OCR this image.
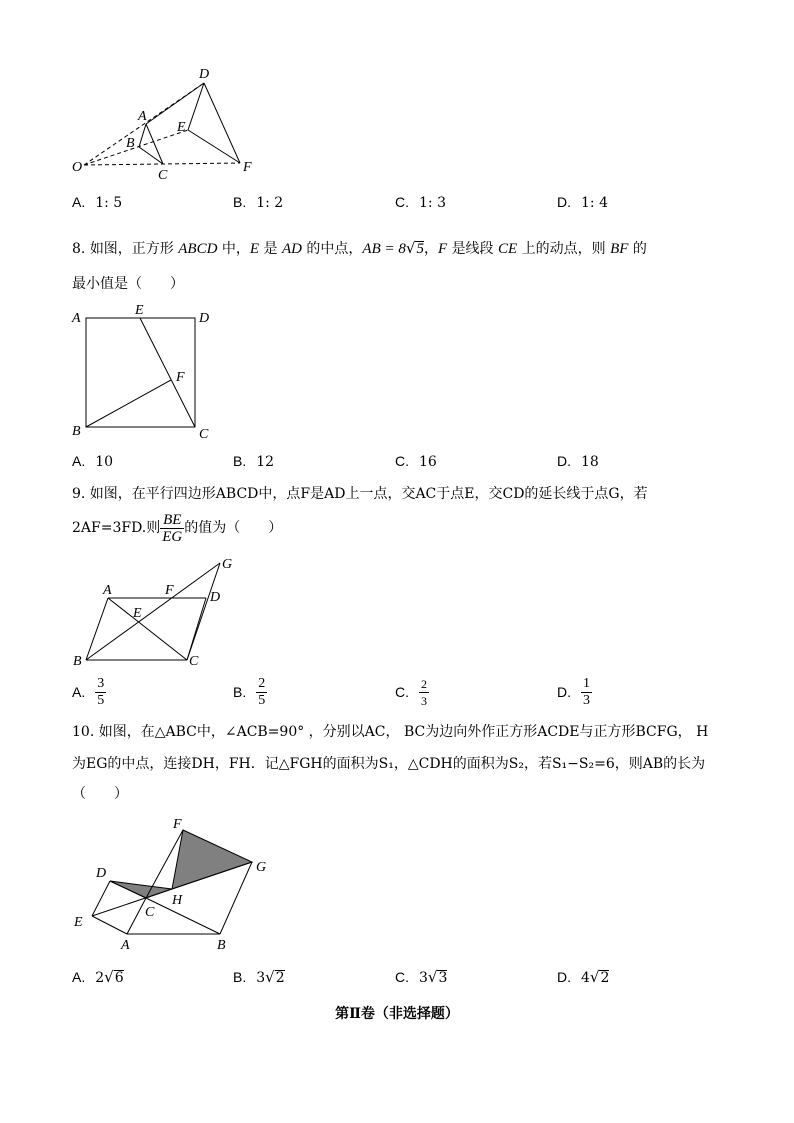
D
A
E
B
O
C
F
A. 1: 5	B. 1: 2	C. 1: 3	D. 1: 4
8. 如图，正方形 ABCD 中，E 是 AD 的中点，AB = 8√5，F 是线段 CE 上的动点，则 BF 的
最小值是（　　）
A
E
D
F
B	C
A. 10	B. 12	C. 16	D. 18
9. 如图，在平行四边形ABCD中，点F是AD上一点，交AC于点E，交CD的延长线于点G，若
2AF=3FD.则 $\frac{BE}{EG}$ 的值为（　　）
G
A	F	D
E
B	C
A. $\frac{3}{5}$	B. $\frac{2}{5}$	C. $\frac{2}{3}$	D. $\frac{1}{3}$
10. 如图，在△ABC中，∠ACB=90° ，分别以AC， BC为边向外作正方形ACDE与正方形BCFG， H
为EG的中点，连接DH，FH．记△FGH的面积为S₁，△CDH的面积为S₂，若S₁−S₂=6，则AB的长为
（　　）
F
G
D
H
C
E
A	B
A. 2√6	B. 3√2	C. 3√3	D. 4√2
第Ⅱ卷（非选择题）
